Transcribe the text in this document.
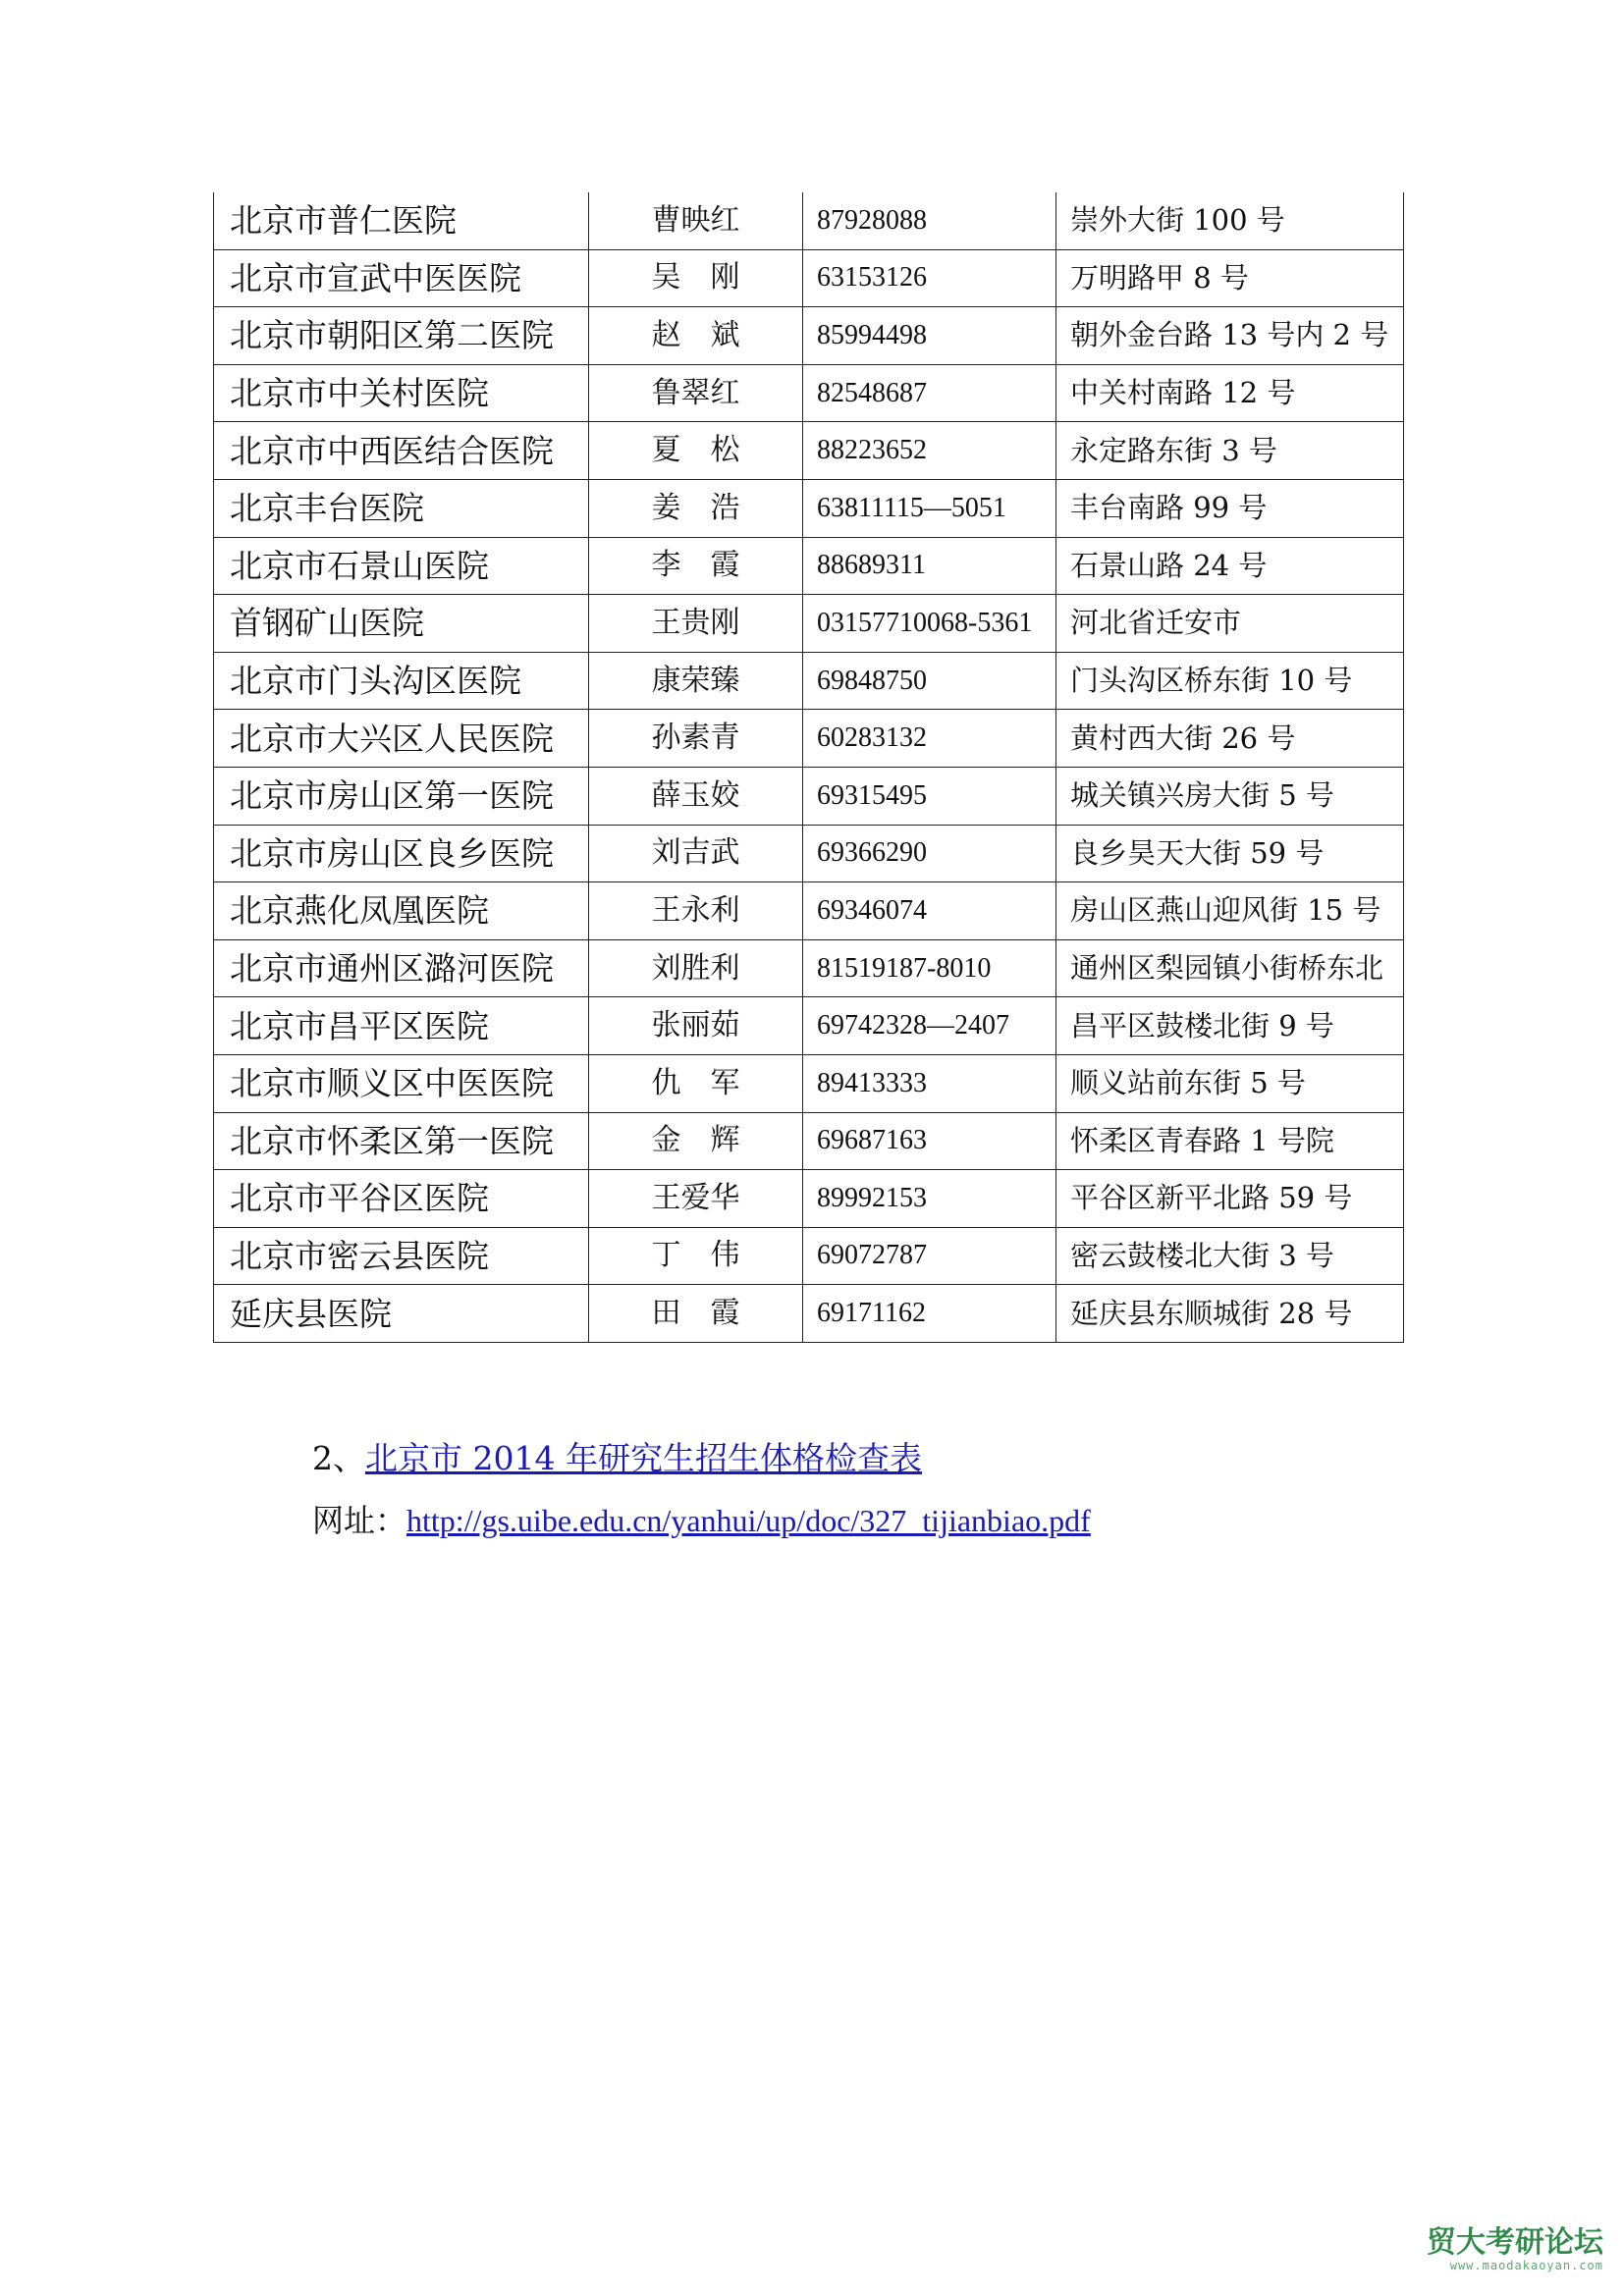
北京市普仁医院	曹映红	87928088	崇外大街 100 号
北京市宣武中医医院	吴　刚	63153126	万明路甲 8 号
北京市朝阳区第二医院	赵　斌	85994498	朝外金台路 13 号内 2 号
北京市中关村医院	鲁翠红	82548687	中关村南路 12 号
北京市中西医结合医院	夏　松	88223652	永定路东街 3 号
北京丰台医院	姜　浩	63811115—5051	丰台南路 99 号
北京市石景山医院	李　霞	88689311	石景山路 24 号
首钢矿山医院	王贵刚	03157710068-5361	河北省迁安市
北京市门头沟区医院	康荣臻	69848750	门头沟区桥东街 10 号
北京市大兴区人民医院	孙素青	60283132	黄村西大街 26 号
北京市房山区第一医院	薛玉姣	69315495	城关镇兴房大街 5 号
北京市房山区良乡医院	刘吉武	69366290	良乡昊天大街 59 号
北京燕化凤凰医院	王永利	69346074	房山区燕山迎风街 15 号
北京市通州区潞河医院	刘胜利	81519187-8010	通州区梨园镇小街桥东北
北京市昌平区医院	张丽茹	69742328—2407	昌平区鼓楼北街 9 号
北京市顺义区中医医院	仇　军	89413333	顺义站前东街 5 号
北京市怀柔区第一医院	金　辉	69687163	怀柔区青春路 1 号院
北京市平谷区医院	王爱华	89992153	平谷区新平北路 59 号
北京市密云县医院	丁　伟	69072787	密云鼓楼北大街 3 号
延庆县医院	田　霞	69171162	延庆县东顺城街 28 号
2、北京市 2014 年研究生招生体格检查表
网址：http://gs.uibe.edu.cn/yanhui/up/doc/327_tijianbiao.pdf
贸大考研论坛
www.maodakaoyan.com
